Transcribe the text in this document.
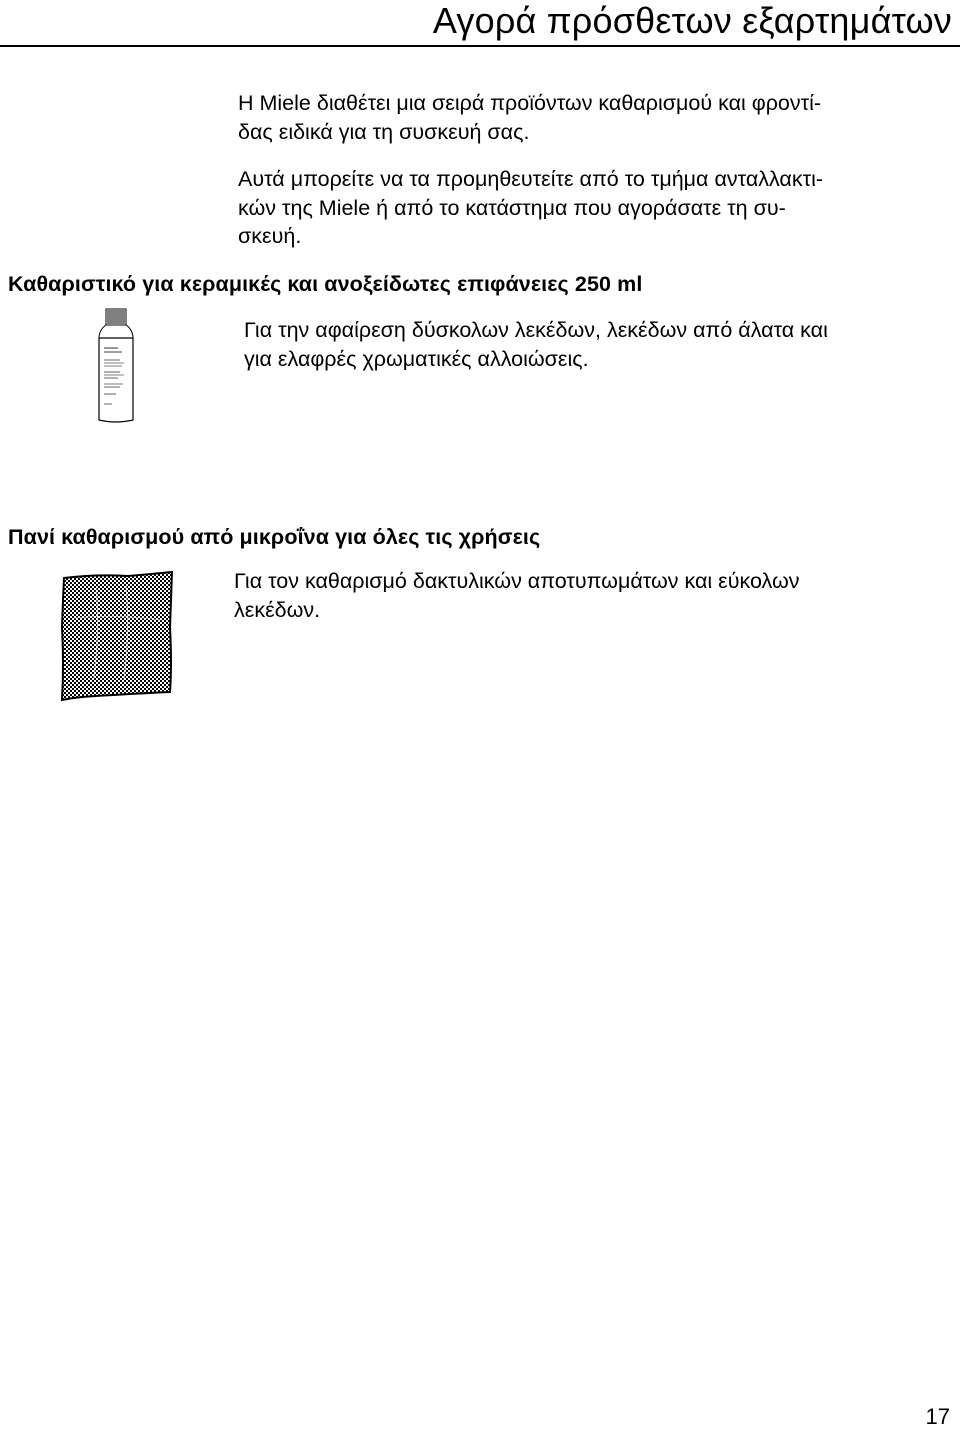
Αγορά πρόσθετων εξαρτημάτων

Η Miele διαθέτει μια σειρά προϊόντων καθαρισμού και φροντί-

δας ειδικά για τη συσκευή σας.

Αυτά μπορείτε να τα προμηθευτείτε από το τμήμα ανταλλακτι-

κών της Miele ή από το κατάστημα που αγοράσατε τη συ-

σκευή.

Καθαριστικό για κεραμικές και ανοξείδωτες επιφάνειες 250 ml
Για την αφαίρεση δύσκολων λεκέδων, λεκέδων από άλατα και
για ελαφρές χρωματικές αλλοιώσεις.
Πανί καθαρισμού από μικροΐνα για όλες τις χρήσεις
Για τον καθαρισμό δακτυλικών αποτυπωμάτων και εύκολων
λεκέδων.
17
